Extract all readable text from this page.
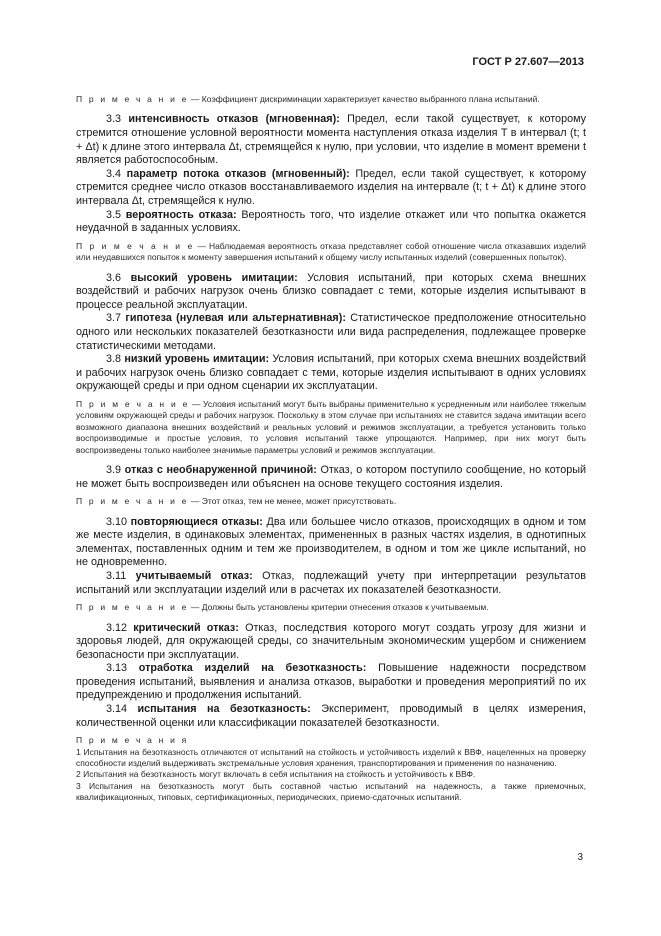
ГОСТ Р 27.607—2013

П р и м е ч а н и е — Коэффициент дискриминации характеризует качество выбранного плана испытаний.

3.3 интенсивность отказов (мгновенная): Предел, если такой существует, к которому стремится отношение условной вероятности момента наступления отказа изделия T в интервал (t; t + Δt) к длине этого интервала Δt, стремящейся к нулю, при условии, что изделие в момент времени t является работоспособным.

3.4 параметр потока отказов (мгновенный): Предел, если такой существует, к которому стремится среднее число отказов восстанавливаемого изделия на интервале (t; t + Δt) к длине этого интервала Δt, стремящейся к нулю.

3.5 вероятность отказа: Вероятность того, что изделие откажет или что попытка окажется неудачной в заданных условиях.

П р и м е ч а н и е — Наблюдаемая вероятность отказа представляет собой отношение числа отказавших изделий или неудавшихся попыток к моменту завершения испытаний к общему числу испытанных изделий (совершенных попыток).

3.6 высокий уровень имитации: Условия испытаний, при которых схема внешних воздействий и рабочих нагрузок очень близко совпадает с теми, которые изделия испытывают в процессе реальной эксплуатации.

3.7 гипотеза (нулевая или альтернативная): Статистическое предположение относительно одного или нескольких показателей безотказности или вида распределения, подлежащее проверке статистическими методами.

3.8 низкий уровень имитации: Условия испытаний, при которых схема внешних воздействий и рабочих нагрузок очень близко совпадает с теми, которые изделия испытывают в одних условиях окружающей среды и при одном сценарии их эксплуатации.

П р и м е ч а н и е — Условия испытаний могут быть выбраны применительно к усредненным или наиболее тяжелым условиям окружающей среды и рабочих нагрузок. Поскольку в этом случае при испытаниях не ставится задача имитации всего возможного диапазона внешних воздействий и реальных условий и режимов эксплуатации, а требуется установить только воспроизводимые и простые условия, то условия испытаний также упрощаются. Например, при них могут быть воспроизведены только наиболее значимые параметры условий и режимов эксплуатации.

3.9 отказ с необнаруженной причиной: Отказ, о котором поступило сообщение, но который не может быть воспроизведен или объяснен на основе текущего состояния изделия.

П р и м е ч а н и е — Этот отказ, тем не менее, может присутствовать.

3.10 повторяющиеся отказы: Два или большее число отказов, происходящих в одном и том же месте изделия, в одинаковых элементах, примененных в разных частях изделия, в однотипных элементах, поставленных одним и тем же производителем, в одном и том же цикле испытаний, но не одновременно.

3.11 учитываемый отказ: Отказ, подлежащий учету при интерпретации результатов испытаний или эксплуатации изделий или в расчетах их показателей безотказности.

П р и м е ч а н и е — Должны быть установлены критерии отнесения отказов к учитываемым.

3.12 критический отказ: Отказ, последствия которого могут создать угрозу для жизни и здоровья людей, для окружающей среды, со значительным экономическим ущербом и снижением безопасности при эксплуатации.

3.13 отработка изделий на безотказность: Повышение надежности посредством проведения испытаний, выявления и анализа отказов, выработки и проведения мероприятий по их предупреждению и продолжения испытаний.

3.14 испытания на безотказность: Эксперимент, проводимый в целях измерения, количественной оценки или классификации показателей безотказности.

П р и м е ч а н и я

1 Испытания на безотказность отличаются от испытаний на стойкость и устойчивость изделий к ВВФ, нацеленных на проверку способности изделий выдерживать экстремальные условия хранения, транспортирования и применения по назначению.

2 Испытания на безотказность могут включать в себя испытания на стойкость и устойчивость к ВВФ.

3 Испытания на безотказность могут быть составной частью испытаний на надежность, а также приемочных, квалификационных, типовых, сертификационных, периодических, приемо-сдаточных испытаний.

3
